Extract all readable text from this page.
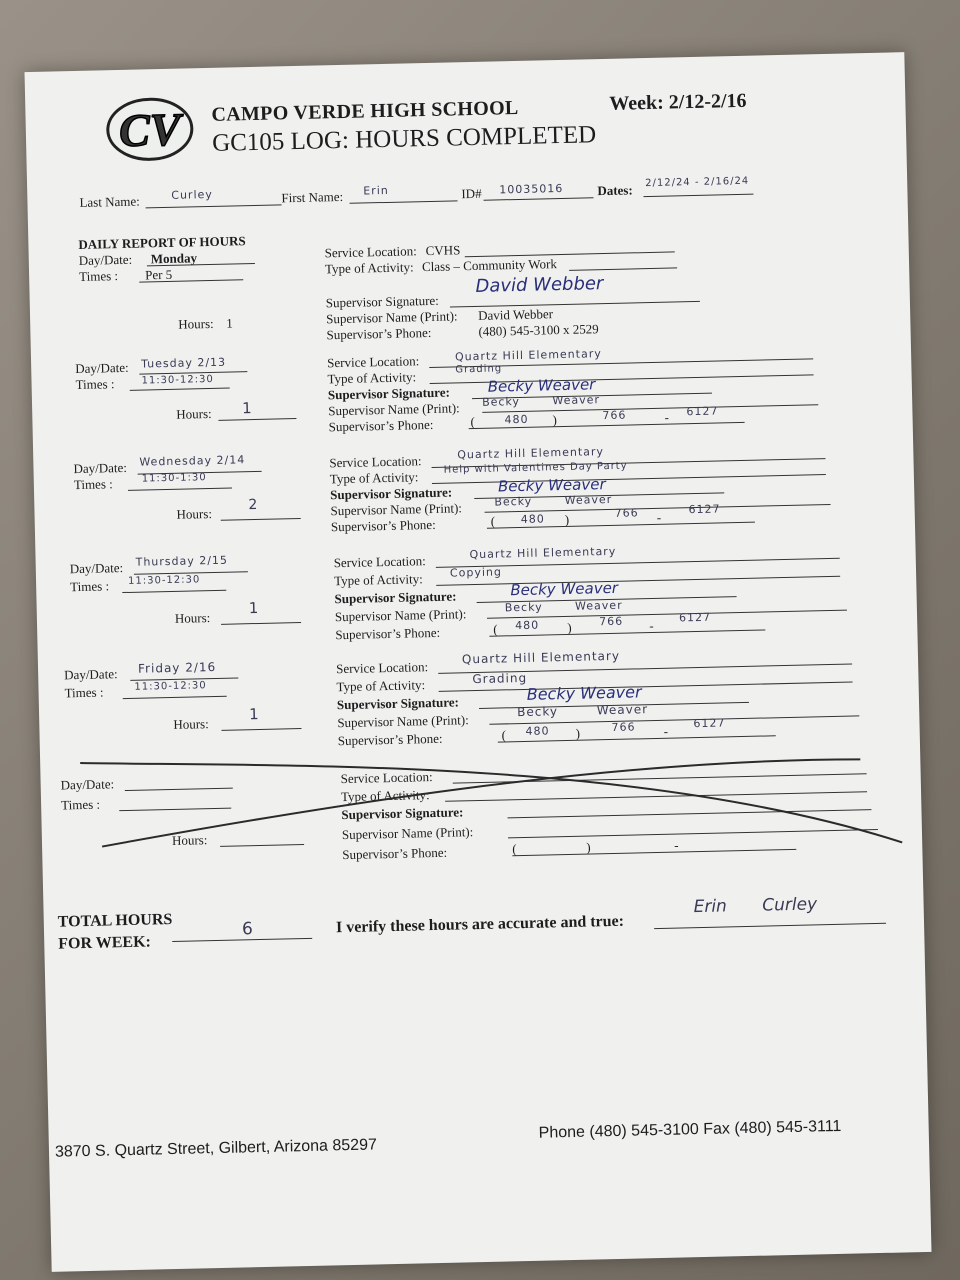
CV CAMPO VERDE HIGH SCHOOL	Week: 2/12-2/16
GC105 LOG: HOURS COMPLETED
Last Name:	Curley	First Name: Erin	ID# 10035016	Dates: 2/12/24 - 2/16/24
DAILY REPORT OF HOURS
Day/Date: Monday
Times : Per 5
Hours: 1
Service Location: CVHS
Type of Activity: Class – Community Work
Supervisor Signature:
David Webber
Supervisor Name (Print): David Webber
Supervisor’s Phone:	(480) 545-3100 x 2529
Day/Date: Tuesday 2/13
Times :	11:30-12:30
Hours: 1
Service Location:	Quartz Hill Elementary
Type of Activity:	Grading
Supervisor Signature:	Becky Weaver
Supervisor Name (Print): Becky Weaver
Supervisor’s Phone:	(	480 )	766	- 6127
Day/Date: Wednesday 2/14
Times :	11:30-1:30
Hours:
2
Service Location:	Quartz Hill Elementary
Type of Activity:
Help with Valentines Day Party
Supervisor Signature:	Becky Weaver
Supervisor Name (Print):	Becky Weaver
Supervisor’s Phone:	( 480 )	766 -
6127
Day/Date: Thursday 2/15
Times : 11:30-12:30
Hours:
1
Service Location:
Quartz Hill Elementary
Type of Activity: Copying
Supervisor Signature:	Becky Weaver
Supervisor Name (Print):	Becky Weaver
Supervisor’s Phone:	( 480 ) 766 -
6127
Day/Date: Friday 2/16
Times :	11:30-12:30
Hours:
1
Service Location:
Quartz Hill Elementary
Type of Activity:	Grading
Supervisor Signature:	Becky Weaver
Supervisor Name (Print):
Becky Weaver
Supervisor’s Phone:	( 480 )	766 -
6127
Day/Date:
Times :
Hours:
Service Location:
Type of Activity:
Supervisor Signature:
Supervisor Name (Print):
Supervisor’s Phone:	(	)	-
TOTAL HOURS
FOR WEEK:
6	I verify these hours are accurate and true:
Erin Curley
3870 S. Quartz Street, Gilbert, Arizona 85297
Phone (480) 545-3100 Fax (480) 545-3111
